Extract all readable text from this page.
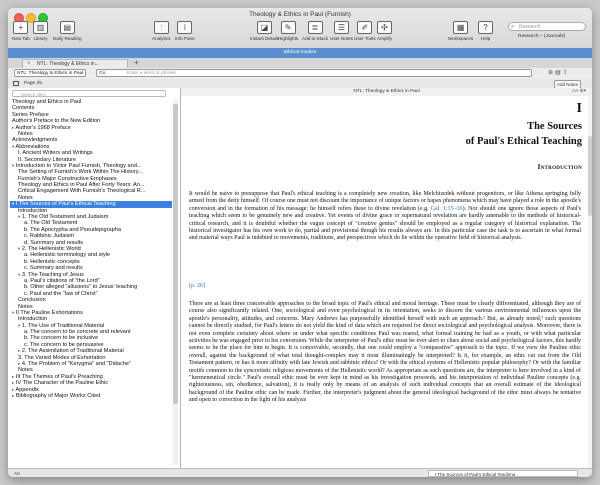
Theology & Ethics in Paul (Furnish)
+
New Tab
▥
Library
▤
Daily Reading
⫶
Analytics
i
Info Pane
◪
Instant Details
✎
Highlights
≣
Add to Stack
☰
User Notes
✐
User Tools
✣
Amplify
▦
Workspaces
?
Help
⌕ Research
Research – (Journals)
Biblical Studies
× NTL: Theology & Ethics in...	+
NTL: Theology & Ethics in Paul	Go	Enter a word or phrase	⊕▤⇪
Page 25	Add Notes
Search titles
Theology and Ethics in Paul
Contents
Series Preface
Author's Preface to the New Edition
▸ Author's 1968 Preface
Notes
Acknowledgments
▾ Abbreviations
I. Ancient Writers and Writings
II. Secondary Literature
▾ Introduction to Victor Paul Furnish, Theology and...
The Setting of Furnish's Work Within The History...
Furnish's Major Constructive Emphases
Theology and Ethics in Paul After Forty Years: An...
Critical Engagement With Furnish's Theological R...
Notes
▾ I The Sources of Paul's Ethical Teaching
Introduction
▾ 1. The Old Testament and Judaism
a. The Old Testament
b. The Apocrypha and Pseudepigrapha
c. Rabbinic Judaism
d. Summary and results
▾ 2. The Hellenistic World
a. Hellenistic terminology and style
b. Hellenistic concepts
c. Summary and results
▾ 3. The Teaching of Jesus
a. Paul's citations of "the Lord"
b. Other alleged "allusions" to Jesus' teaching
c. Paul and the "law of Christ"
Conclusion
Notes
▾ II The Pauline Exhortations
Introduction
▾ 1. The Use of Traditional Material
a. The concern to be concrete and relevant
b. The concern to be inclusive
c. The concern to be persuasive
▸ 2. The Assimilation of Traditional Material
3. The Varied Modes of Exhortation
▸ 4. The Problem of "Kerygma" and "Didache"
Notes
▸ III The Themes of Paul's Preaching
▸ IV The Character of the Pauline Ethic
▸ Appendix
▸ Bibliography of Major Works Cited
NTL: Theology & Ethics in Paul	AA ⊕▾
I
The Sources
of Paul's Ethical Teaching
Introduction

It would be naive to presuppose that Paul's ethical teaching is a completely new creation, like Melchizedek without progenitors, or like Athena springing fully armed from the deity himself. Of course one must not discount the importance of unique factors or hapax phenomena which may have played a role in the apostle's conversion and in the formation of his message; he himself refers these to divine revelation (e.g. Gal. 1:15–16). Nor should one ignore those aspects of Paul's teaching which seem to be genuinely new and creative. Yet events of divine grace or supernatural revelation are hardly amenable to the methods of historical-critical research, and it is doubtful whether the vague concept of "creative genius" should be employed as a regular category of historical explanation. The historical investigator has his own work to do, partial and provisional though his results always are. In this particular case the task is to ascertain in what formal and material ways Paul is indebted to movements, traditions, and perspectives which do lie within the operative field of historical analysis.

[p. 26]

There are at least three conceivable approaches to the broad topic of Paul's ethical and moral heritage. These must be clearly differentiated, although they are of course also significantly related. One, sociological and even psychological in its orientation, seeks to discern the various environmental influences upon the apostle's personality, attitudes, and concerns. Mary Andrews has purposefully identified herself with such an approach.¹ But, as already noted,² such questions cannot be directly studied, for Paul's letters do not yield the kind of data which are required for direct sociological and psychological analysis. Moreover, there is not even complete certainty about where or under what specific conditions Paul was reared, what formal training he had as a youth, or with what particular activities he was engaged prior to his conversion. While the interpreter of Paul's ethic must be ever alert to clues about social and psychological factors, this hardly seems to be the place for him to begin. It is conceivable, secondly, that one could employ a "comparative" approach to the topic. If we view the Pauline ethic overall, against the background of what total thought-complex may it most illuminatingly be interpreted? Is it, for example, an ethic cut out from the Old Testament pattern, or has it more affinity with late Jewish and rabbinic ethics? Or with the ethical systems of Hellenistic popular philosophy? Or with the familiar motifs common to the syncretistic religious movements of the Hellenistic world? As appropriate as such questions are, the interpreter is here involved in a kind of "hermeneutical circle." Paul's overall ethic must be ever kept in mind as his investigation proceeds, and his interpretation of individual Pauline concepts (e.g. righteousness, sin, obedience, salvation), it is really only by means of an analysis of such individual concepts that an overall estimate of the ideological background of the Pauline ethic can be made. Further, the interpreter's judgment about the general ideological background of the ethic must always be tentative and open to correction in the light of his analysis

Art	I The Sources of Paul's Ethical Teaching
